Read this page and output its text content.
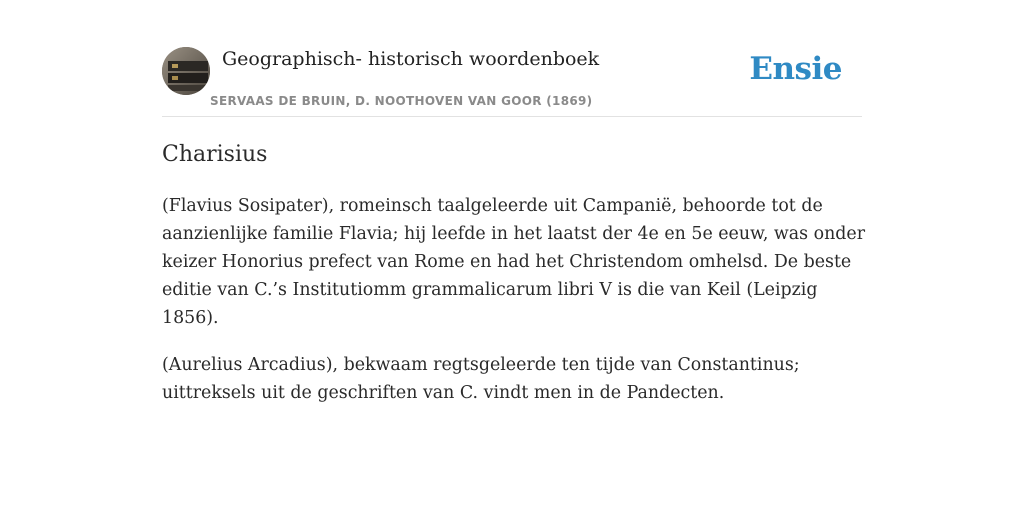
Geographisch- historisch woordenboek
SERVAAS DE BRUIN, D. NOOTHOVEN VAN GOOR (1869)
Ensie
Charisius

(Flavius Sosipater), romeinsch taalgeleerde uit Campanië, behoorde tot de aanzienlijke familie Flavia; hij leefde in het laatst der 4e en 5e eeuw, was onder keizer Honorius prefect van Rome en had het Christendom omhelsd. De beste editie van C.’s Institutiomm grammalicarum libri V is die van Keil (Leipzig 1856).

(Aurelius Arcadius), bekwaam regtsgeleerde ten tijde van Constantinus; uittreksels uit de geschriften van C. vindt men in de Pandecten.
